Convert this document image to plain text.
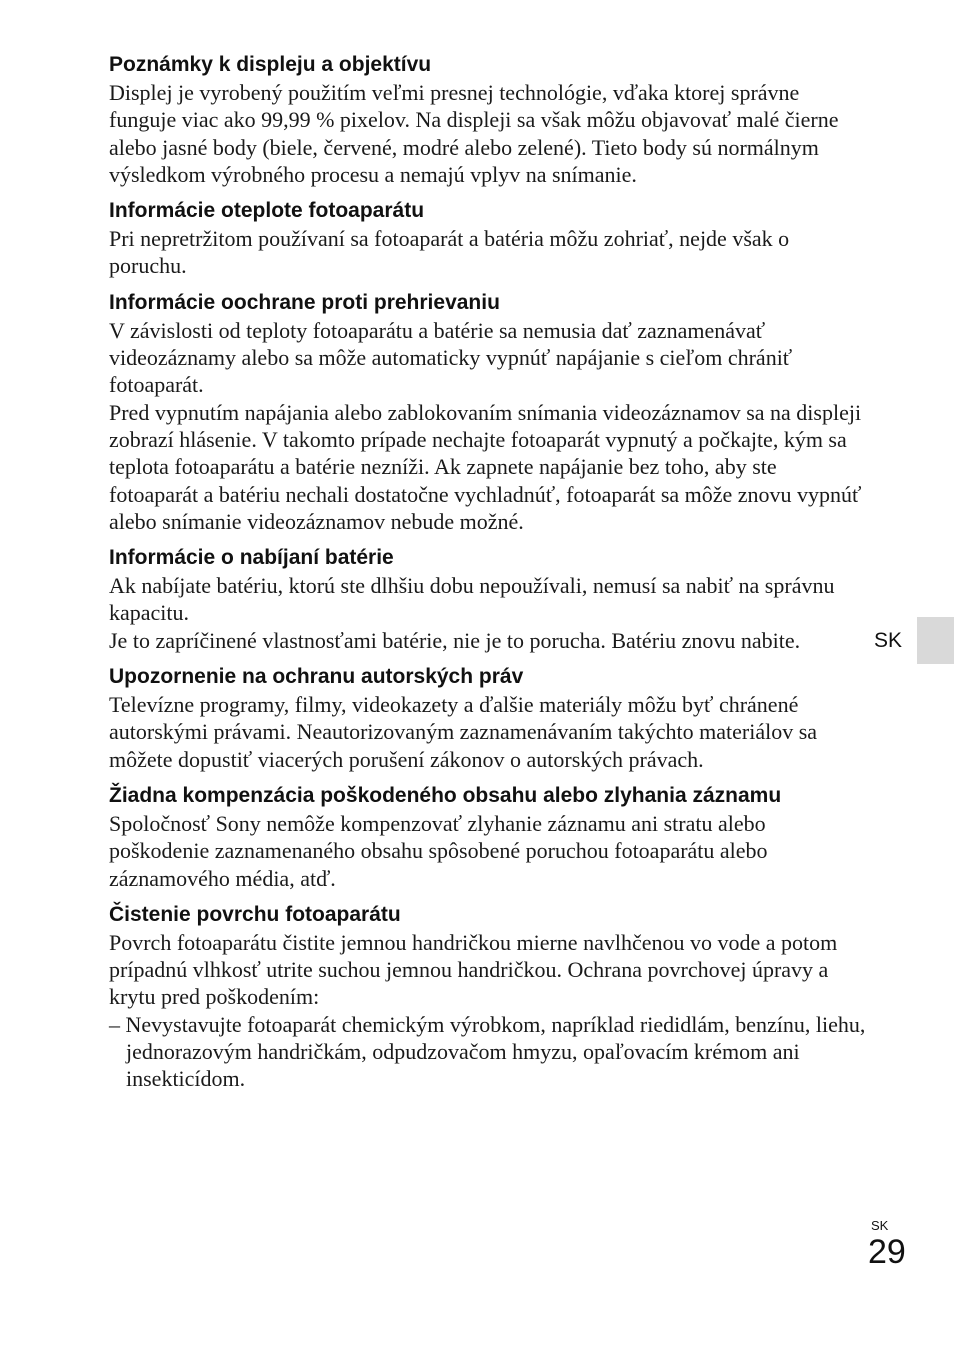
Poznámky k displeju a objektívu

Displej je vyrobený použitím veľmi presnej technológie, vďaka ktorej správne funguje viac ako 99,99 % pixelov. Na displeji sa však môžu objavovať malé čierne alebo jasné body (biele, červené, modré alebo zelené). Tieto body sú normálnym výsledkom výrobného procesu a nemajú vplyv na snímanie.

Informácie oteplote fotoaparátu

Pri nepretržitom používaní sa fotoaparát a batéria môžu zohriať, nejde však o poruchu.

Informácie oochrane proti prehrievaniu

V závislosti od teploty fotoaparátu a batérie sa nemusia dať zaznamenávať videozáznamy alebo sa môže automaticky vypnúť napájanie s cieľom chrániť fotoaparát.

Pred vypnutím napájania alebo zablokovaním snímania videozáznamov sa na displeji zobrazí hlásenie. V takomto prípade nechajte fotoaparát vypnutý a počkajte, kým sa teplota fotoaparátu a batérie nezníži. Ak zapnete napájanie bez toho, aby ste fotoaparát a batériu nechali dostatočne vychladnúť, fotoaparát sa môže znovu vypnúť alebo snímanie videozáznamov nebude možné.

Informácie o nabíjaní batérie

Ak nabíjate batériu, ktorú ste dlhšiu dobu nepoužívali, nemusí sa nabiť na správnu kapacitu.

Je to zapríčinené vlastnosťami batérie, nie je to porucha. Batériu znovu nabite.

Upozornenie na ochranu autorských práv

Televízne programy, filmy, videokazety a ďalšie materiály môžu byť chránené autorskými právami. Neautorizovaným zaznamenávaním takýchto materiálov sa môžete dopustiť viacerých porušení zákonov o autorských právach.

Žiadna kompenzácia poškodeného obsahu alebo zlyhania záznamu

Spoločnosť Sony nemôže kompenzovať zlyhanie záznamu ani stratu alebo poškodenie zaznamenaného obsahu spôsobené poruchou fotoaparátu alebo záznamového média, atď.

Čistenie povrchu fotoaparátu

Povrch fotoaparátu čistite jemnou handričkou mierne navlhčenou vo vode a potom prípadnú vlhkosť utrite suchou jemnou handričkou. Ochrana povrchovej úpravy a krytu pred poškodením:

– Nevystavujte fotoaparát chemickým výrobkom, napríklad riedidlám, benzínu, liehu, jednorazovým handričkám, odpudzovačom hmyzu, opaľovacím krémom ani insekticídom.

SK
SK
29
